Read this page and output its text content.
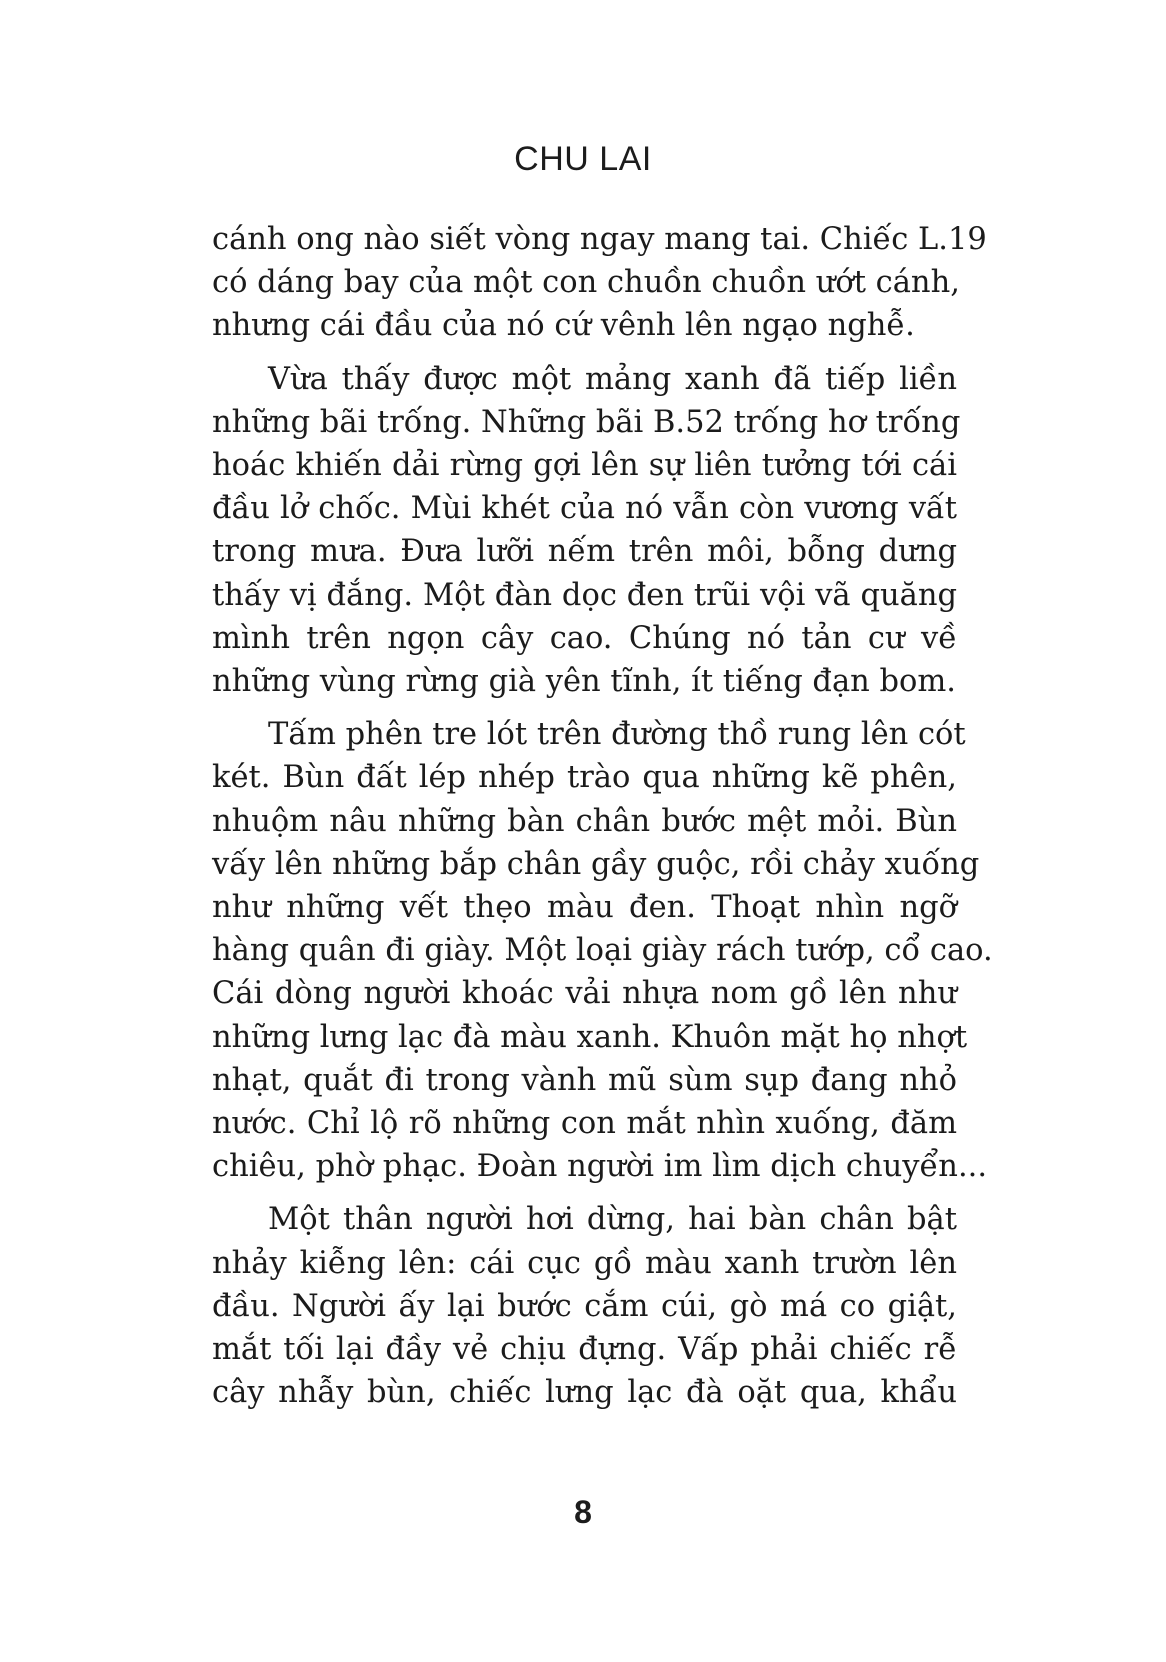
CHU LAI
cánh ong nào siết vòng ngay mang tai. Chiếc L.19
có dáng bay của một con chuồn chuồn ướt cánh,
nhưng cái đầu của nó cứ vênh lên ngạo nghễ.
Vừa thấy được một mảng xanh đã tiếp liền
những bãi trống. Những bãi B.52 trống hơ trống
hoác khiến dải rừng gợi lên sự liên tưởng tới cái
đầu lở chốc. Mùi khét của nó vẫn còn vương vất
trong mưa. Đưa lưỡi nếm trên môi, bỗng dưng
thấy vị đắng. Một đàn dọc đen trũi vội vã quăng
mình trên ngọn cây cao. Chúng nó tản cư về
những vùng rừng già yên tĩnh, ít tiếng đạn bom.
Tấm phên tre lót trên đường thồ rung lên cót
két. Bùn đất lép nhép trào qua những kẽ phên,
nhuộm nâu những bàn chân bước mệt mỏi. Bùn
vấy lên những bắp chân gầy guộc, rồi chảy xuống
như những vết thẹo màu đen. Thoạt nhìn ngỡ
hàng quân đi giày. Một loại giày rách tướp, cổ cao.
Cái dòng người khoác vải nhựa nom gồ lên như
những lưng lạc đà màu xanh. Khuôn mặt họ nhợt
nhạt, quắt đi trong vành mũ sùm sụp đang nhỏ
nước. Chỉ lộ rõ những con mắt nhìn xuống, đăm
chiêu, phờ phạc. Đoàn người im lìm dịch chuyển...
Một thân người hơi dừng, hai bàn chân bật
nhảy kiễng lên: cái cục gồ màu xanh trườn lên
đầu. Người ấy lại bước cắm cúi, gò má co giật,
mắt tối lại đầy vẻ chịu đựng. Vấp phải chiếc rễ
cây nhẫy bùn, chiếc lưng lạc đà oặt qua, khẩu
8
